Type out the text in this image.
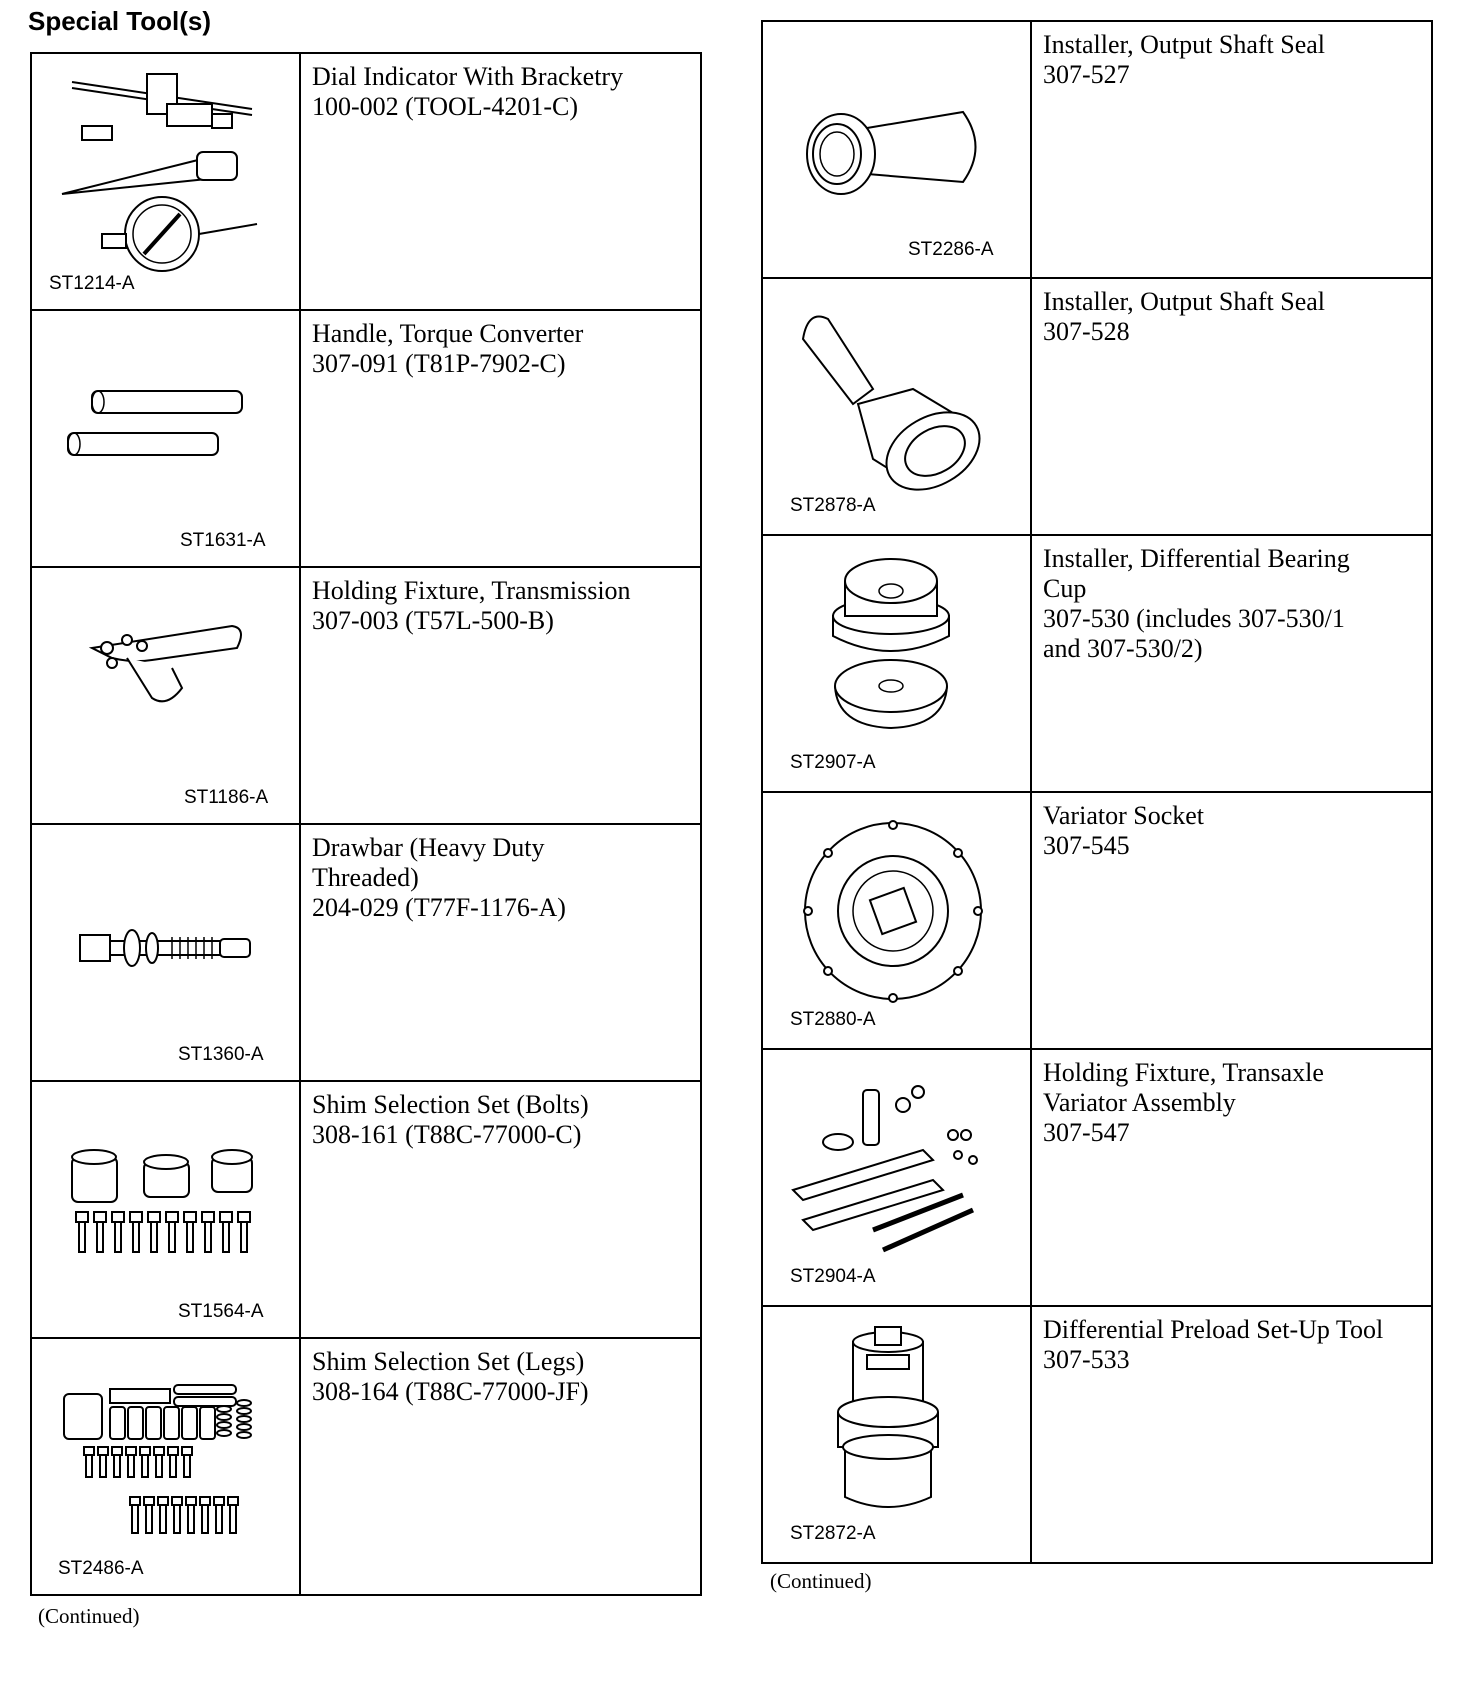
Special Tool(s)
ST1214-A	Dial Indicator With Bracketry
100-002 (TOOL-4201-C)

ST1631-A	Handle, Torque Converter
307-091 (T81P-7902-C)

ST1186-A	Holding Fixture, Transmission
307-003 (T57L-500-B)

ST1360-A	Drawbar (Heavy Duty
Threaded)
204-029 (T77F-1176-A)

ST1564-A	Shim Selection Set (Bolts)
308-161 (T88C-77000-C)

ST2486-A	Shim Selection Set (Legs)
308-164 (T88C-77000-JF)
ST2286-A	Installer, Output Shaft Seal
307-527

ST2878-A	Installer, Output Shaft Seal
307-528

ST2907-A	Installer, Differential Bearing
Cup
307-530 (includes 307-530/1
and 307-530/2)

ST2880-A	Variator Socket
307-545

ST2904-A	Holding Fixture, Transaxle
Variator Assembly
307-547

ST2872-A	Differential Preload Set-Up Tool
307-533
(Continued)
(Continued)
